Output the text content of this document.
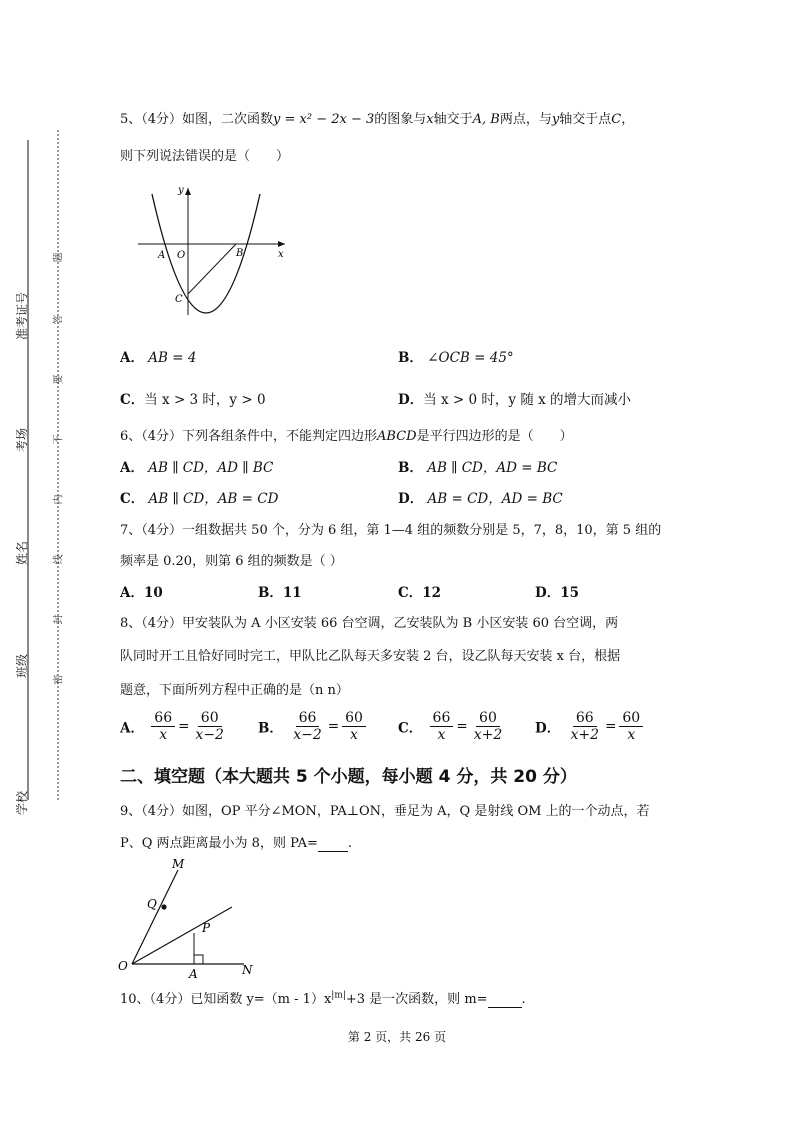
准考证号
考场
姓名
班级
学校
题
答
要
不
内
线
封
密
5、（4分）如图，二次函数y = x² − 2x − 3的图象与x轴交于A, B两点，与y轴交于点C，
则下列说法错误的是（　　）
y
x
A O	B
C
A． AB = 4	B． ∠OCB = 45°
C．当 x > 3 时，y > 0	D．当 x > 0 时，y 随 x 的增大而减小
6、（4分）下列各组条件中，不能判定四边形ABCD是平行四边形的是（　　）
A． AB ∥ CD，AD ∥ BC	B． AB ∥ CD，AD = BC
C． AB ∥ CD，AB = CD	D． AB = CD，AD = BC
7、（4分）一组数据共 50 个，分为 6 组，第 1—4 组的频数分别是 5，7，8，10，第 5 组的
频率是 0.20，则第 6 组的频数是（ ）
A．10	B．11	C．12	D．15
8、（4分）甲安装队为 A 小区安装 66 台空调，乙安装队为 B 小区安装 60 台空调，两
队同时开工且恰好同时完工，甲队比乙队每天多安装 2 台，设乙队每天安装 x 台，根据
题意，下面所列方程中正确的是（n n）
A． $\frac{66}{x} = \frac{60}{x-2}$ B． $\frac{66}{x-2} = \frac{60}{x}$ C． $\frac{66}{x} = \frac{60}{x+2}$ D． $\frac{66}{x+2} = \frac{60}{x}$
二、填空题（本大题共 5 个小题，每小题 4 分，共 20 分）
9、（4分）如图，OP 平分∠MON，PA⊥ON，垂足为 A，Q 是射线 OM 上的一个动点，若
P、Q 两点距离最小为 8，则 PA= .
M
Q
P
O
A	N
10、（4分）已知函数 $y=(m - 1)x^{|m|}+3$ 是一次函数，则 m=	.
第 2 页，共 26 页
